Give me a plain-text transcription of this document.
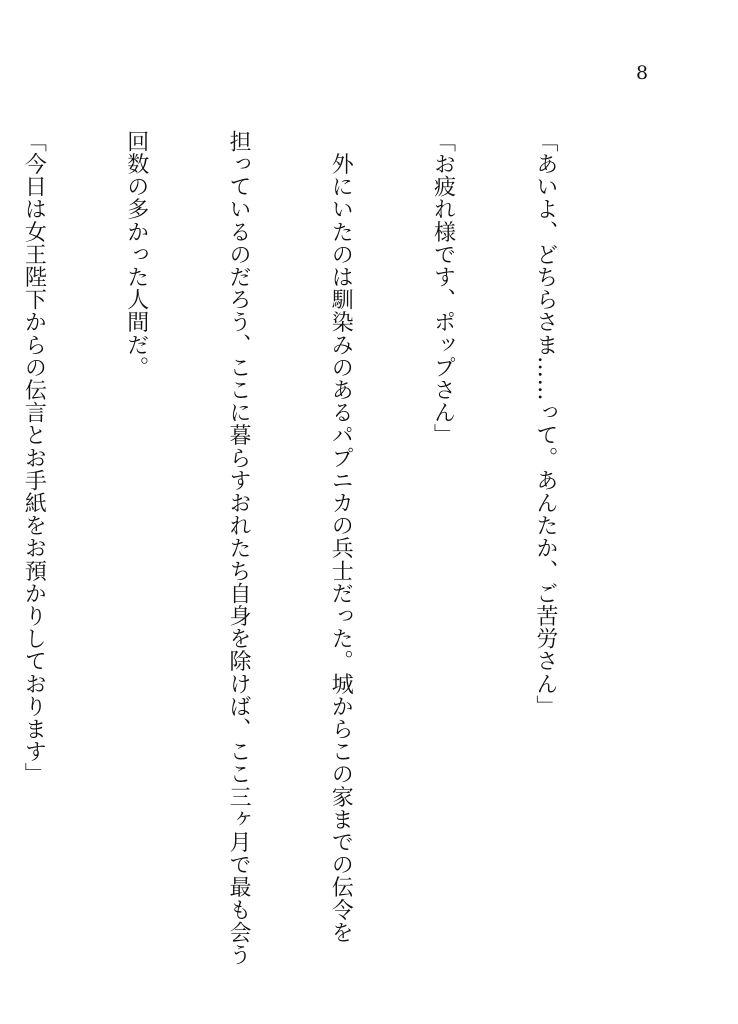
8

「あいよ、どちらさま……って。あんたか、ご苦労さん」

「お疲れ様です、ポップさん」

　外にいたのは馴染みのあるパプニカの兵士だった。城からこの家までの伝令を

担っているのだろう、ここに暮らすおれたち自身を除けば、ここ三ヶ月で最も会う

回数の多かった人間だ。

「今日は女王陛下からの伝言とお手紙をお預かりしております」
